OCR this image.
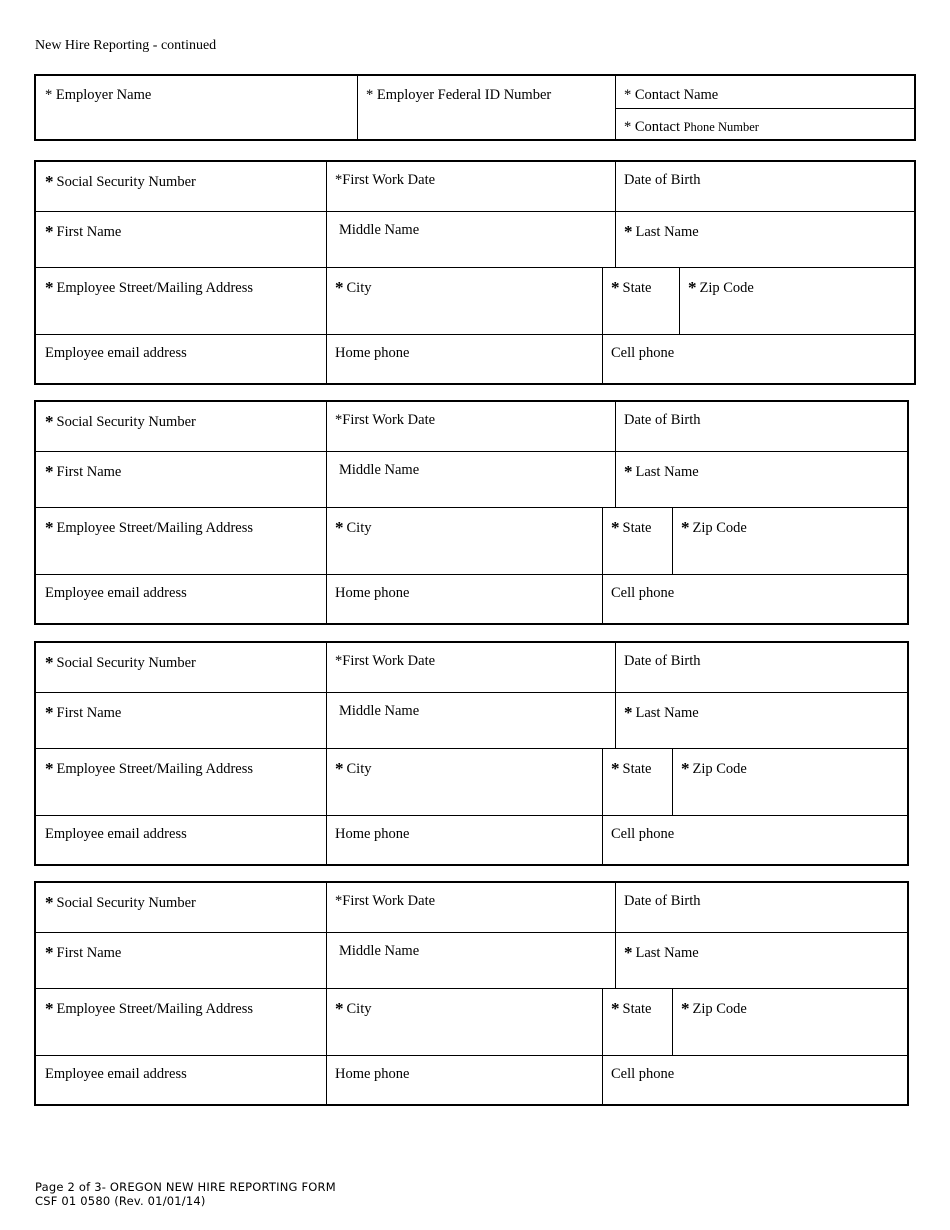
New Hire Reporting - continued
* Employer Name	* Employer Federal ID Number	* Contact Name
* Contact Phone Number
* Social Security Number	*First Work Date	Date of Birth
* First Name	Middle Name	* Last Name
* Employee Street/Mailing Address	* City	* State * Zip Code
Employee email address	Home phone	Cell phone
* Social Security Number	*First Work Date	Date of Birth
* First Name	Middle Name	* Last Name
* Employee Street/Mailing Address	* City	* State * Zip Code
Employee email address	Home phone	Cell phone
* Social Security Number	*First Work Date	Date of Birth
* First Name	Middle Name	* Last Name
* Employee Street/Mailing Address	* City	* State * Zip Code
Employee email address	Home phone	Cell phone
* Social Security Number	*First Work Date	Date of Birth
* First Name	Middle Name	* Last Name
* Employee Street/Mailing Address	* City	* State * Zip Code
Employee email address	Home phone	Cell phone
Page 2 of 3- OREGON NEW HIRE REPORTING FORM
CSF 01 0580 (Rev. 01/01/14)
